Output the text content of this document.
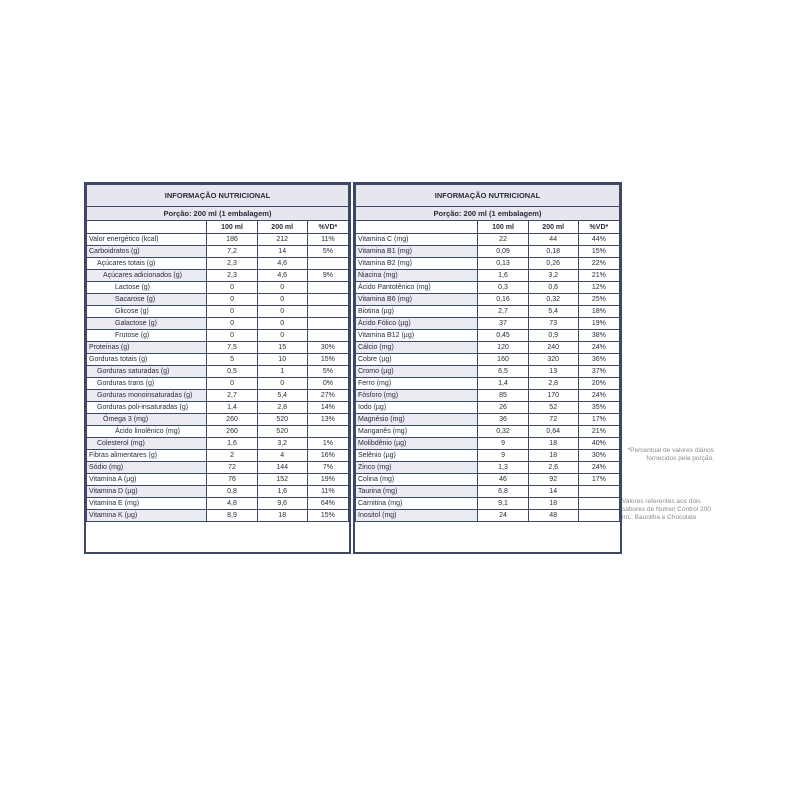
INFORMAÇÃO NUTRICIONAL			
Porção: 200 ml (1 embalagem)			
	100 ml	200 ml	%VD*
Valor energético (kcal)	186	212	11%
Carboidratos (g)	7,2	14	5%
Açúcares totais (g)	2,3	4,6	
Açúcares adicionados (g)	2,3	4,6	9%
Lactose (g)	0	0	
Sacarose (g)	0	0	
Glicose (g)	0	0	
Galactose (g)	0	0	
Frutose (g)	0	0	
Proteínas (g)	7,5	15	30%
Gorduras totais (g)	5	10	15%
Gorduras saturadas (g)	0,5	1	5%
Gorduras trans (g)	0	0	0%
Gorduras monoinsaturadas (g)	2,7	5,4	27%
Gorduras poli-insaturadas (g)	1,4	2,8	14%
Ômega 3 (mg)	260	520	13%
Ácido linolênico (mg)	260	520	
Colesterol (mg)	1,6	3,2	1%
Fibras alimentares (g)	2	4	16%
Sódio (mg)	72	144	7%
Vitamina A (µg)	76	152	19%
Vitamina D (µg)	0,8	1,6	11%
Vitamina E (mg)	4,8	9,6	64%
Vitamina K (µg)	8,9	18	15%
INFORMAÇÃO NUTRICIONAL			
Porção: 200 ml (1 embalagem)			
	100 ml	200 ml	%VD*
Vitamina C (mg)	22	44	44%
Vitamina B1 (mg)	0,09	0,18	15%
Vitamina B2 (mg)	0,13	0,26	22%
Niacina (mg)	1,6	3,2	21%
Ácido Pantotênico (mg)	0,3	0,6	12%
Vitamina B6 (mg)	0,16	0,32	25%
Biotina (µg)	2,7	5,4	18%
Ácido Fólico (µg)	37	73	19%
Vitamina B12 (µg)	0,45	0,9	38%
Cálcio (mg)	120	240	24%
Cobre (µg)	160	320	36%
Cromo (µg)	6,5	13	37%
Ferro (mg)	1,4	2,8	20%
Fósforo (mg)	85	170	24%
Iodo (µg)	26	52	35%
Magnésio (mg)	36	72	17%
Manganês (mg)	0,32	0,64	21%
Molibdênio (µg)	9	18	40%
Selênio (µg)	9	18	30%
Zinco (mg)	1,3	2,6	24%
Colina (mg)	46	92	17%
Taurina (mg)	6,8	14	
Carnitina (mg)	9,1	18	
Inositol (mg)	24	48	
*Percentual de valores diários fornecidos pela porção.
Valores referentes aos dois sabores de Nutren Control 200 mL: Baunilha e Chocolate
